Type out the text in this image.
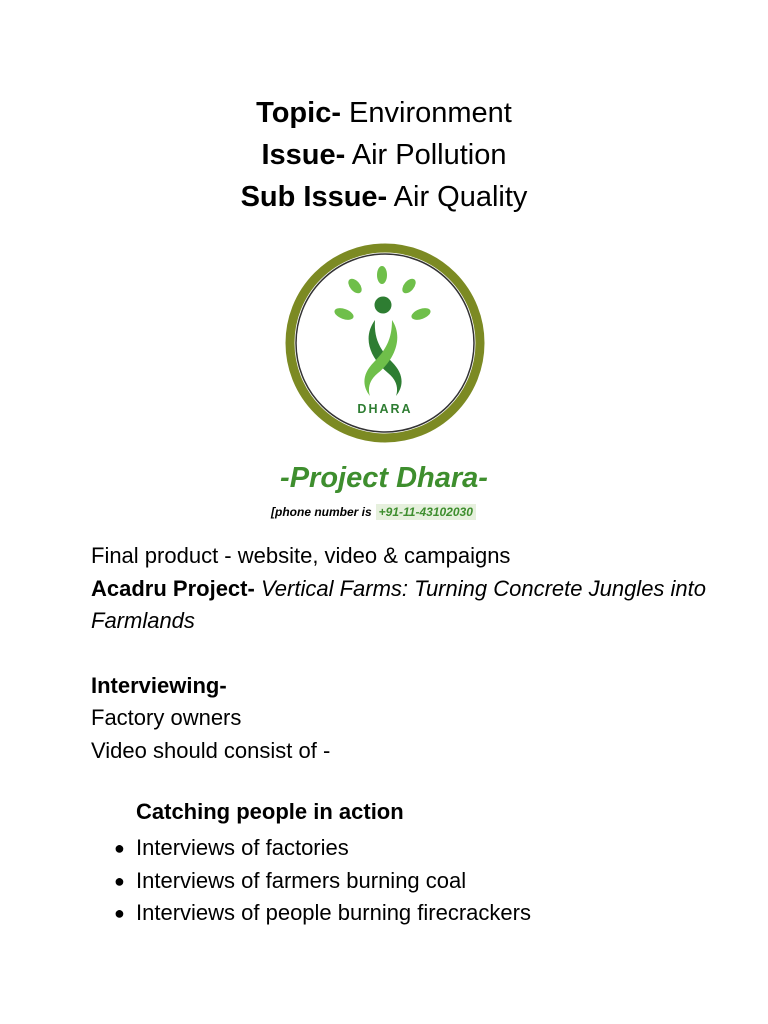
Topic- Environment
Issue- Air Pollution
Sub Issue- Air Quality
DHARA
-Project Dhara-
[phone number is +91-11-43102030

Final product - website, video & campaigns

Acadru Project- Vertical Farms: Turning Concrete Jungles into Farmlands

Interviewing-

Factory owners

Video should consist of -

Catching people in action
● Interviews of factories
● Interviews of farmers burning coal
● Interviews of people burning firecrackers
